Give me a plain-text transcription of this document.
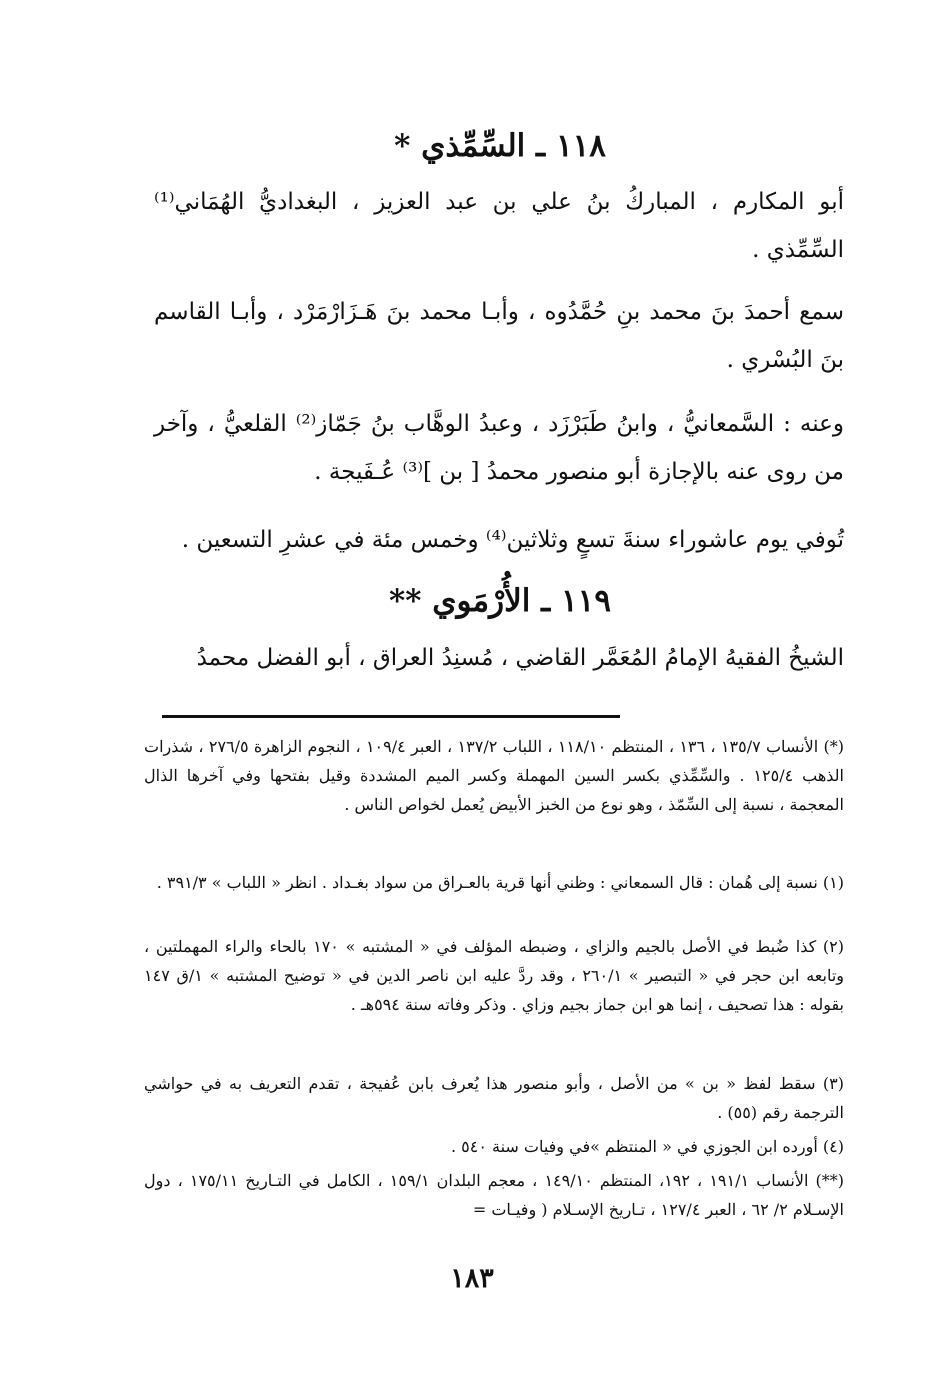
١١٨ ـ السِّمِّذي *
أبو المكارم ، المباركُ بنُ علي بن عبد العزيز ، البغداديُّ الهُمَاني⁽¹⁾ السِّمِّذي .
سمع أحمدَ بنَ محمد بنِ حُمَّدُوه ، وأبـا محمد بنَ هَـزَارْمَرْد ، وأبـا القاسم بنَ البُسْري .
وعنه : السَّمعانيُّ ، وابنُ طَبَرْزَد ، وعبدُ الوهَّاب بنُ جَمّاز⁽²⁾ القلعيُّ ، وآخر من روى عنه بالإجازة أبو منصور محمدُ [ بن ]⁽³⁾ عُـفَيجة .
تُوفي يوم عاشوراء سنةَ تسعٍ وثلاثين⁽⁴⁾ وخمس مئة في عشرِ التسعين .
١١٩ ـ الأُرْمَوي **
الشيخُ الفقيهُ الإمامُ المُعَمَّر القاضي ، مُسنِدُ العراق ، أبو الفضل محمدُ
(*) الأنساب ١٣٥/٧ ، ١٣٦ ، المنتظم ١١٨/١٠ ، اللباب ١٣٧/٢ ، العبر ١٠٩/٤ ، النجوم الزاهرة ٢٧٦/٥ ، شذرات الذهب ١٢٥/٤ . والسِّمِّذي بكسر السين المهملة وكسر الميم المشددة وقيل بفتحها وفي آخرها الذال المعجمة ، نسبة إلى السِّمّذ ، وهو نوع من الخبز الأبيض يُعمل لخواص الناس .
(١) نسبة إلى هُمان : قال السمعاني : وظني أنها قرية بالعـراق من سواد بغـداد . انظر « اللباب » ٣٩١/٣ .
(٢) كذا ضُبط في الأصل بالجيم والزاي ، وضبطه المؤلف في « المشتبه » ١٧٠ بالحاء والراء المهملتين ، وتابعه ابن حجر في « التبصير » ٢٦٠/١ ، وقد ردَّ عليه ابن ناصر الدين في « توضيح المشتبه » ١/ق ١٤٧ بقوله : هذا تصحيف ، إنما هو ابن جماز بجيم وزاي . وذكر وفاته سنة ٥٩٤هـ .
(٣) سقط لفظ « بن » من الأصل ، وأبو منصور هذا يُعرف بابن عُفيجة ، تقدم التعريف به في حواشي الترجمة رقم (٥٥) .
(٤) أورده ابن الجوزي في « المنتظم »في وفيات سنة ٥٤٠ .
(**) الأنساب ١٩١/١ ، ١٩٢، المنتظم ١٤٩/١٠ ، معجم البلدان ١٥٩/١ ، الكامل في التـاريخ ١٧٥/١١ ، دول الإسـلام ٢/ ٦٢ ، العبر ١٢٧/٤ ، تـاريخ الإسـلام ( وفيـات =
١٨٣
